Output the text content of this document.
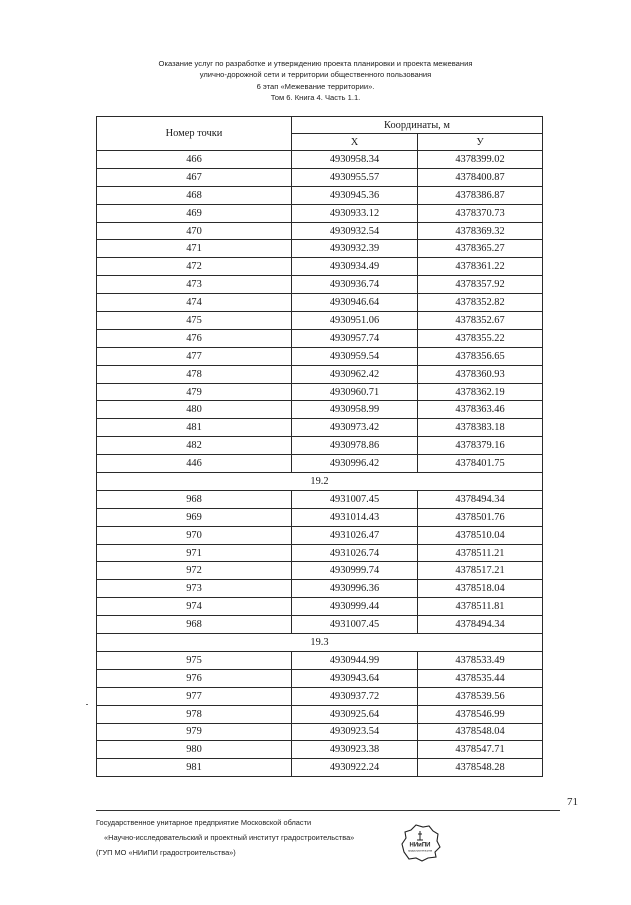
Оказание услуг по разработке и утверждению проекта планировки и проекта межевания
улично-дорожной сети и территории общественного пользования
6 этап «Межевание территории».
Том 6. Книга 4. Часть 1.1.
Номер точки	Координаты, м	
	X	У
466	4930958.34	4378399.02
467	4930955.57	4378400.87
468	4930945.36	4378386.87
469	4930933.12	4378370.73
470	4930932.54	4378369.32
471	4930932.39	4378365.27
472	4930934.49	4378361.22
473	4930936.74	4378357.92
474	4930946.64	4378352.82
475	4930951.06	4378352.67
476	4930957.74	4378355.22
477	4930959.54	4378356.65
478	4930962.42	4378360.93
479	4930960.71	4378362.19
480	4930958.99	4378363.46
481	4930973.42	4378383.18
482	4930978.86	4378379.16
446	4930996.42	4378401.75
19.2		
968	4931007.45	4378494.34
969	4931014.43	4378501.76
970	4931026.47	4378510.04
971	4931026.74	4378511.21
972	4930999.74	4378517.21
973	4930996.36	4378518.04
974	4930999.44	4378511.81
968	4931007.45	4378494.34
19.3		
975	4930944.99	4378533.49
976	4930943.64	4378535.44
977	4930937.72	4378539.56
978	4930925.64	4378546.99
979	4930923.54	4378548.04
980	4930923.38	4378547.71
981	4930922.24	4378548.28
71
Государственное унитарное предприятие Московской области
«Научно-исследовательский и проектный институт градостроительства»
(ГУП МО «НИиПИ градостроительства»)
НИиПИ
градостроительства
